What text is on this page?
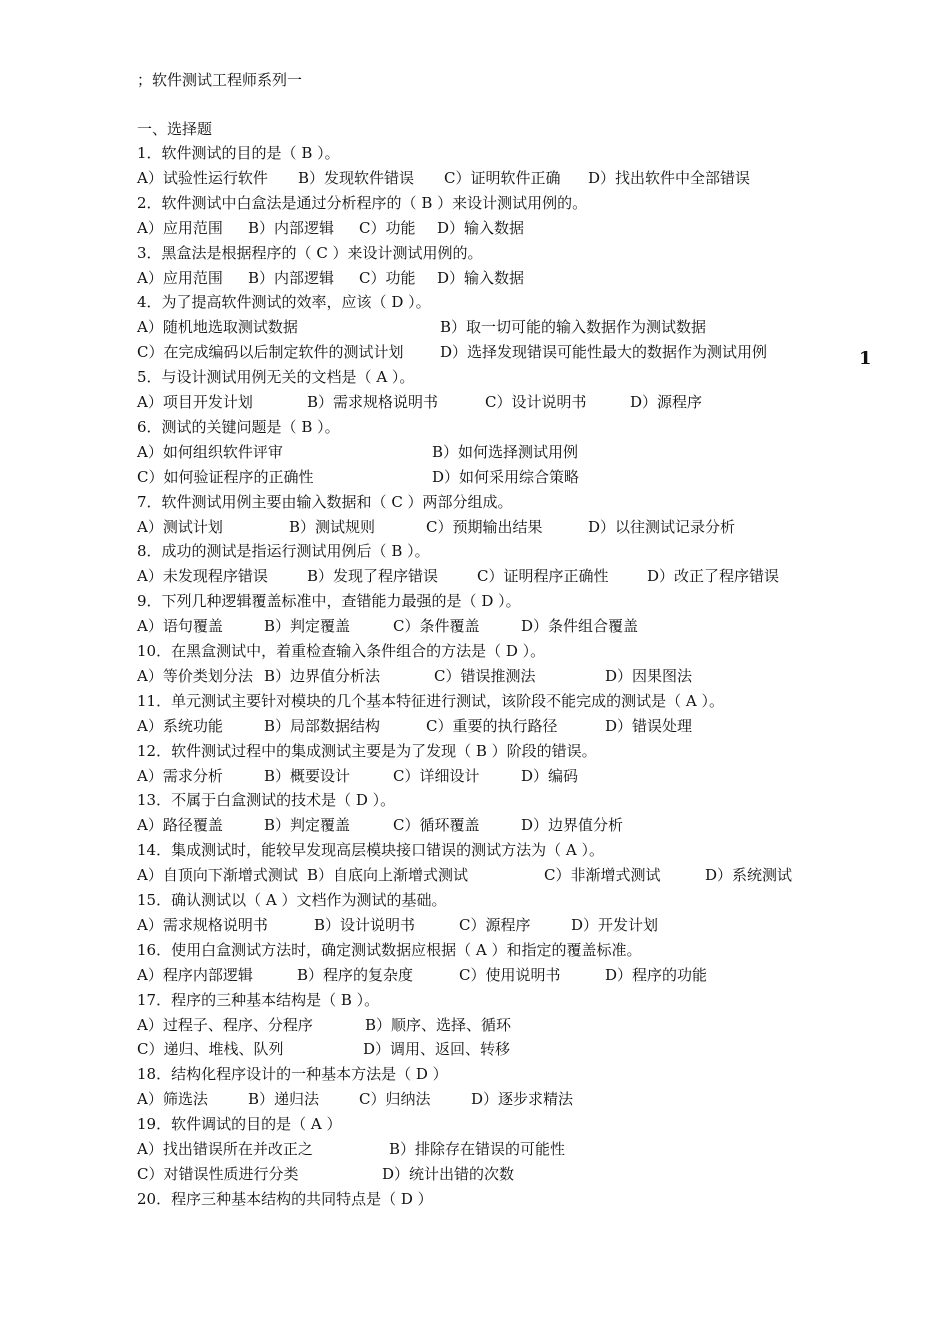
；软件测试工程师系列一
一、选择题
1
1．软件测试的目的是（ B ）。
A）试验性运行软件 B）发现软件错误 C）证明软件正确 D）找出软件中全部错误
2．软件测试中白盒法是通过分析程序的（ B ）来设计测试用例的。
A）应用范围 B）内部逻辑 C）功能 D）输入数据
3．黑盒法是根据程序的（ C ）来设计测试用例的。
A）应用范围 B）内部逻辑 C）功能 D）输入数据
4．为了提高软件测试的效率，应该（ D ）。
A）随机地选取测试数据	B）取一切可能的输入数据作为测试数据
C）在完成编码以后制定软件的测试计划 D）选择发现错误可能性最大的数据作为测试用例
5．与设计测试用例无关的文档是（ A ）。
A）项目开发计划	B）需求规格说明书	C）设计说明书	D）源程序
6．测试的关键问题是（ B ）。
A）如何组织软件评审	B）如何选择测试用例
C）如何验证程序的正确性	D）如何采用综合策略
7．软件测试用例主要由输入数据和（ C ）两部分组成。
A）测试计划	B）测试规则	C）预期输出结果	D）以往测试记录分析
8．成功的测试是指运行测试用例后（ B ）。
A）未发现程序错误	B）发现了程序错误	C）证明程序正确性	D）改正了程序错误
9．下列几种逻辑覆盖标准中，查错能力最强的是（ D ）。
A）语句覆盖	B）判定覆盖	C）条件覆盖	D）条件组合覆盖
10．在黑盒测试中，着重检查输入条件组合的方法是（ D ）。
A）等价类划分法 B）边界值分析法	C）错误推测法	D）因果图法
11．单元测试主要针对模块的几个基本特征进行测试，该阶段不能完成的测试是（ A ）。
A）系统功能	B）局部数据结构	C）重要的执行路径	D）错误处理
12．软件测试过程中的集成测试主要是为了发现（ B ）阶段的错误。
A）需求分析	B）概要设计	C）详细设计	D）编码
13．不属于白盒测试的技术是（ D ）。
A）路径覆盖	B）判定覆盖	C）循环覆盖	D）边界值分析
14．集成测试时，能较早发现高层模块接口错误的测试方法为（ A ）。
A）自顶向下渐增式测试 B）自底向上渐增式测试	C）非渐增式测试	D）系统测试
15．确认测试以（ A ）文档作为测试的基础。
A）需求规格说明书	B）设计说明书	C）源程序	D）开发计划
16．使用白盒测试方法时，确定测试数据应根据（ A ）和指定的覆盖标准。
A）程序内部逻辑	B）程序的复杂度	C）使用说明书	D）程序的功能
17．程序的三种基本结构是（ B ）。
A）过程子、程序、分程序	B）顺序、选择、循环
C）递归、堆栈、队列	D）调用、返回、转移
18．结构化程序设计的一种基本方法是（ D ）
A）筛选法	B）递归法	C）归纳法	D）逐步求精法
19．软件调试的目的是（ A ）
A）找出错误所在并改正之	B）排除存在错误的可能性
C）对错误性质进行分类	D）统计出错的次数
20．程序三种基本结构的共同特点是（ D ）
